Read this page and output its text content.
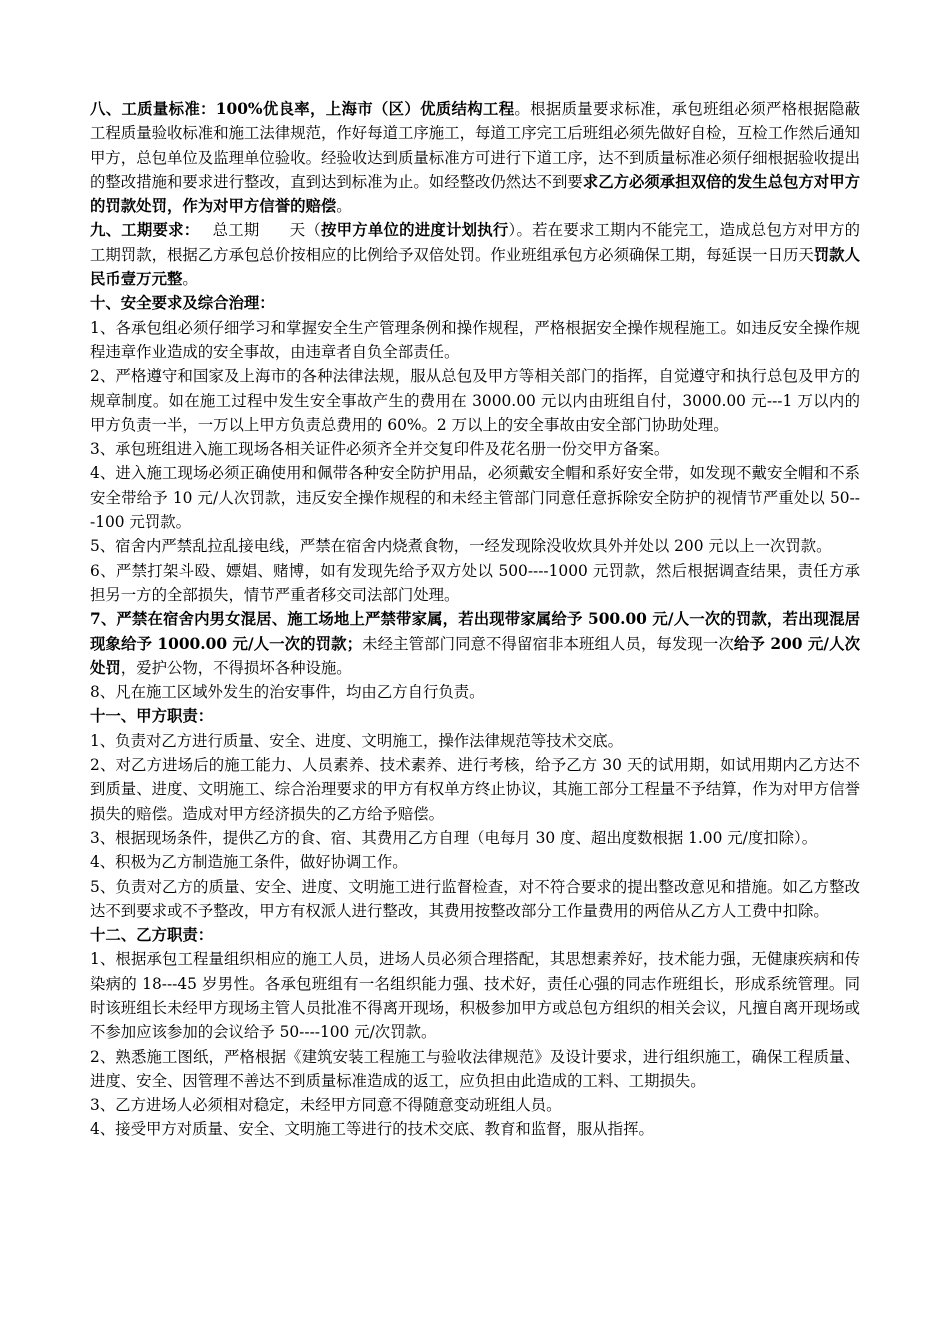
八、工质量标准：100%优良率，上海市（区）优质结构工程。根据质量要求标准，承包班组必须严格根据隐蔽工程质量验收标准和施工法律规范，作好每道工序施工，每道工序完工后班组必须先做好自检，互检工作然后通知甲方，总包单位及监理单位验收。经验收达到质量标准方可进行下道工序，达不到质量标准必须仔细根据验收提出的整改措施和要求进行整改，直到达到标准为止。如经整改仍然达不到要求乙方必须承担双倍的发生总包方对甲方的罚款处罚，作为对甲方信誉的赔偿。

九、工期要求： 总工期 天（按甲方单位的进度计划执行）。若在要求工期内不能完工，造成总包方对甲方的工期罚款，根据乙方承包总价按相应的比例给予双倍处罚。作业班组承包方必须确保工期，每延误一日历天罚款人民币壹万元整。

十、安全要求及综合治理：

1、各承包组必须仔细学习和掌握安全生产管理条例和操作规程，严格根据安全操作规程施工。如违反安全操作规程违章作业造成的安全事故，由违章者自负全部责任。

2、严格遵守和国家及上海市的各种法律法规，服从总包及甲方等相关部门的指挥，自觉遵守和执行总包及甲方的规章制度。如在施工过程中发生安全事故产生的费用在 3000.00 元以内由班组自付，3000.00 元---1 万以内的甲方负责一半，一万以上甲方负责总费用的 60%。2 万以上的安全事故由安全部门协助处理。

3、承包班组进入施工现场各相关证件必须齐全并交复印件及花名册一份交甲方备案。

4、进入施工现场必须正确使用和佩带各种安全防护用品，必须戴安全帽和系好安全带，如发现不戴安全帽和不系安全带给予 10 元/人次罚款，违反安全操作规程的和未经主管部门同意任意拆除安全防护的视情节严重处以 50---100 元罚款。

5、宿舍内严禁乱拉乱接电线，严禁在宿舍内烧煮食物，一经发现除没收炊具外并处以 200 元以上一次罚款。

6、严禁打架斗殴、嫖娼、赌博，如有发现先给予双方处以 500----1000 元罚款，然后根据调查结果，责任方承担另一方的全部损失，情节严重者移交司法部门处理。

7、严禁在宿舍内男女混居、施工场地上严禁带家属，若出现带家属给予 500.00 元/人一次的罚款，若出现混居现象给予 1000.00 元/人一次的罚款；未经主管部门同意不得留宿非本班组人员，每发现一次给予 200 元/人次处罚，爱护公物，不得损坏各种设施。

8、凡在施工区域外发生的治安事件，均由乙方自行负责。

十一、甲方职责：

1、负责对乙方进行质量、安全、进度、文明施工，操作法律规范等技术交底。

2、对乙方进场后的施工能力、人员素养、技术素养、进行考核，给予乙方 30 天的试用期，如试用期内乙方达不到质量、进度、文明施工、综合治理要求的甲方有权单方终止协议，其施工部分工程量不予结算，作为对甲方信誉损失的赔偿。造成对甲方经济损失的乙方给予赔偿。

3、根据现场条件，提供乙方的食、宿、其费用乙方自理（电每月 30 度、超出度数根据 1.00 元/度扣除）。

4、积极为乙方制造施工条件，做好协调工作。

5、负责对乙方的质量、安全、进度、文明施工进行监督检查，对不符合要求的提出整改意见和措施。如乙方整改达不到要求或不予整改，甲方有权派人进行整改，其费用按整改部分工作量费用的两倍从乙方人工费中扣除。

十二、乙方职责：

1、根据承包工程量组织相应的施工人员，进场人员必须合理搭配，其思想素养好，技术能力强，无健康疾病和传染病的 18---45 岁男性。各承包班组有一名组织能力强、技术好，责任心强的同志作班组长，形成系统管理。同时该班组长未经甲方现场主管人员批准不得离开现场，积极参加甲方或总包方组织的相关会议，凡擅自离开现场或不参加应该参加的会议给予 50----100 元/次罚款。

2、熟悉施工图纸，严格根据《建筑安装工程施工与验收法律规范》及设计要求，进行组织施工，确保工程质量、进度、安全、因管理不善达不到质量标准造成的返工，应负担由此造成的工料、工期损失。

3、乙方进场人必须相对稳定，未经甲方同意不得随意变动班组人员。

4、接受甲方对质量、安全、文明施工等进行的技术交底、教育和监督，服从指挥。
